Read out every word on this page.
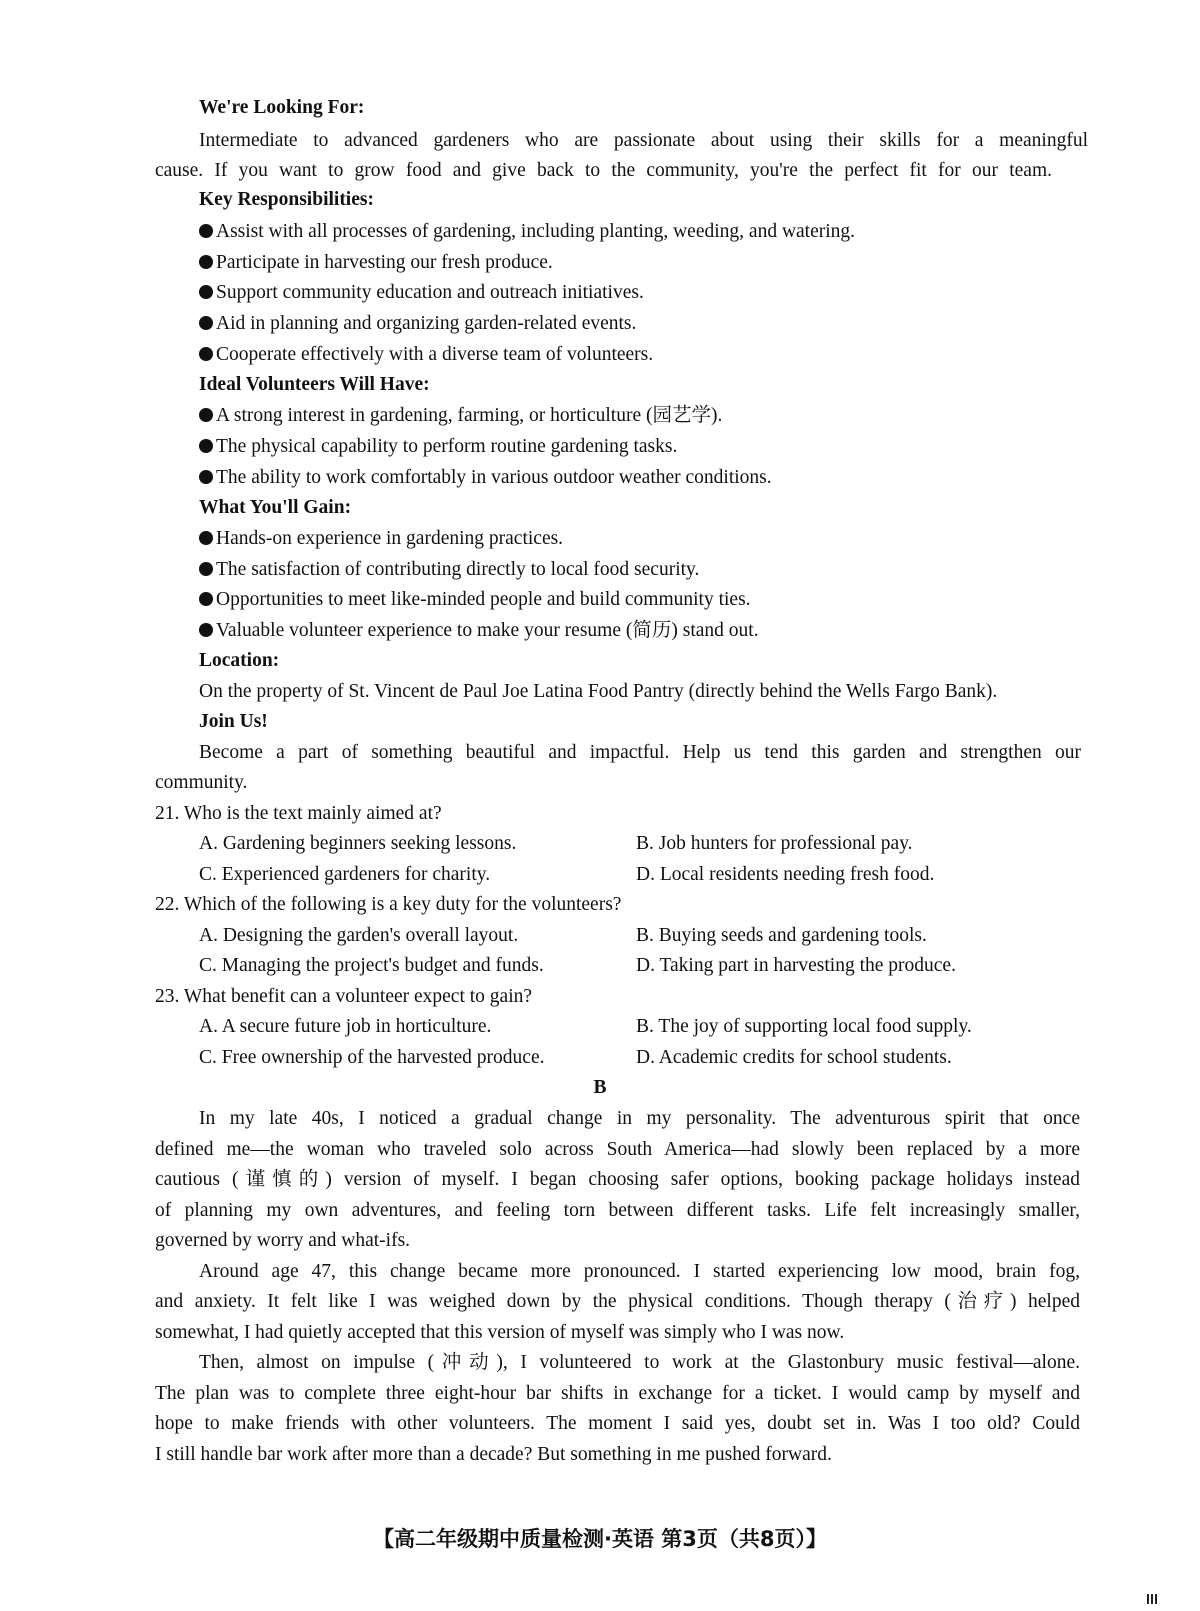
We're Looking For:
Intermediate to advanced gardeners who are passionate about using their skills for a meaningful
cause. If you want to grow food and give back to the community, you're the perfect fit for our team.
Key Responsibilities:
Assist with all processes of gardening, including planting, weeding, and watering.
Participate in harvesting our fresh produce.
Support community education and outreach initiatives.
Aid in planning and organizing garden-related events.
Cooperate effectively with a diverse team of volunteers.
Ideal Volunteers Will Have:
A strong interest in gardening, farming, or horticulture (园艺学).
The physical capability to perform routine gardening tasks.
The ability to work comfortably in various outdoor weather conditions.
What You'll Gain:
Hands-on experience in gardening practices.
The satisfaction of contributing directly to local food security.
Opportunities to meet like-minded people and build community ties.
Valuable volunteer experience to make your resume (简历) stand out.
Location:
On the property of St. Vincent de Paul Joe Latina Food Pantry (directly behind the Wells Fargo Bank).
Join Us!
Become a part of something beautiful and impactful. Help us tend this garden and strengthen our
community.
21. Who is the text mainly aimed at?
A. Gardening beginners seeking lessons.	B. Job hunters for professional pay.
C. Experienced gardeners for charity.	D. Local residents needing fresh food.
22. Which of the following is a key duty for the volunteers?
A. Designing the garden's overall layout.	B. Buying seeds and gardening tools.
C. Managing the project's budget and funds.	D. Taking part in harvesting the produce.
23. What benefit can a volunteer expect to gain?
A. A secure future job in horticulture.	B. The joy of supporting local food supply.
C. Free ownership of the harvested produce.	D. Academic credits for school students.
B
In my late 40s, I noticed a gradual change in my personality. The adventurous spirit that once
defined me—the woman who traveled solo across South America—had slowly been replaced by a more
cautious (谨慎的) version of myself. I began choosing safer options, booking package holidays instead
of planning my own adventures, and feeling torn between different tasks. Life felt increasingly smaller,
governed by worry and what-ifs.
Around age 47, this change became more pronounced. I started experiencing low mood, brain fog,
and anxiety. It felt like I was weighed down by the physical conditions. Though therapy (治疗) helped
somewhat, I had quietly accepted that this version of myself was simply who I was now.
Then, almost on impulse (冲动), I volunteered to work at the Glastonbury music festival—alone.
The plan was to complete three eight-hour bar shifts in exchange for a ticket. I would camp by myself and
hope to make friends with other volunteers. The moment I said yes, doubt set in. Was I too old? Could
I still handle bar work after more than a decade? But something in me pushed forward.
【高二年级期中质量检测·英语 第3页（共8页）】
